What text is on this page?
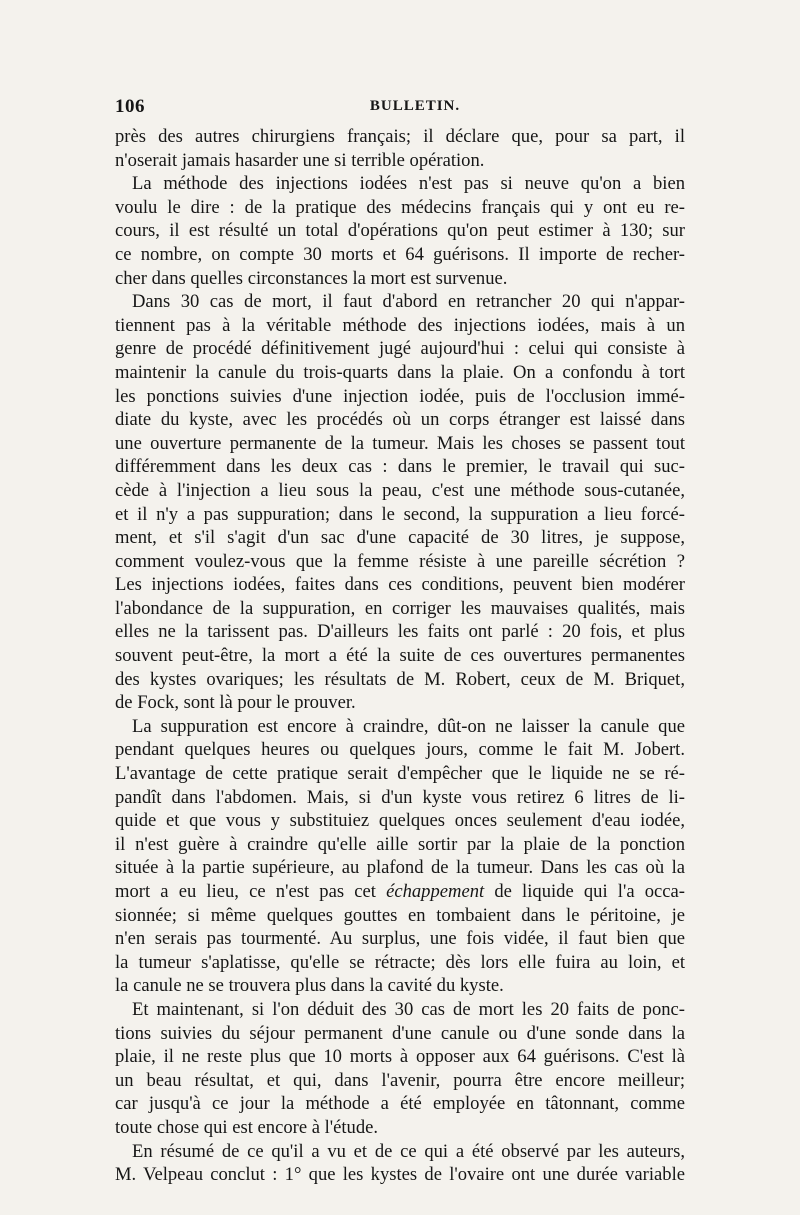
106	BULLETIN.
près des autres chirurgiens français; il déclare que, pour sa part, il
n'oserait jamais hasarder une si terrible opération.
La méthode des injections iodées n'est pas si neuve qu'on a bien
voulu le dire : de la pratique des médecins français qui y ont eu re-
cours, il est résulté un total d'opérations qu'on peut estimer à 130; sur
ce nombre, on compte 30 morts et 64 guérisons. Il importe de recher-
cher dans quelles circonstances la mort est survenue.
Dans 30 cas de mort, il faut d'abord en retrancher 20 qui n'appar-
tiennent pas à la véritable méthode des injections iodées, mais à un
genre de procédé définitivement jugé aujourd'hui : celui qui consiste à
maintenir la canule du trois-quarts dans la plaie. On a confondu à tort
les ponctions suivies d'une injection iodée, puis de l'occlusion immé-
diate du kyste, avec les procédés où un corps étranger est laissé dans
une ouverture permanente de la tumeur. Mais les choses se passent tout
différemment dans les deux cas : dans le premier, le travail qui suc-
cède à l'injection a lieu sous la peau, c'est une méthode sous-cutanée,
et il n'y a pas suppuration; dans le second, la suppuration a lieu forcé-
ment, et s'il s'agit d'un sac d'une capacité de 30 litres, je suppose,
comment voulez-vous que la femme résiste à une pareille sécrétion ?
Les injections iodées, faites dans ces conditions, peuvent bien modérer
l'abondance de la suppuration, en corriger les mauvaises qualités, mais
elles ne la tarissent pas. D'ailleurs les faits ont parlé : 20 fois, et plus
souvent peut-être, la mort a été la suite de ces ouvertures permanentes
des kystes ovariques; les résultats de M. Robert, ceux de M. Briquet,
de Fock, sont là pour le prouver.
La suppuration est encore à craindre, dût-on ne laisser la canule que
pendant quelques heures ou quelques jours, comme le fait M. Jobert.
L'avantage de cette pratique serait d'empêcher que le liquide ne se ré-
pandît dans l'abdomen. Mais, si d'un kyste vous retirez 6 litres de li-
quide et que vous y substituiez quelques onces seulement d'eau iodée,
il n'est guère à craindre qu'elle aille sortir par la plaie de la ponction
située à la partie supérieure, au plafond de la tumeur. Dans les cas où la
mort a eu lieu, ce n'est pas cet échappement de liquide qui l'a occa-
sionnée; si même quelques gouttes en tombaient dans le péritoine, je
n'en serais pas tourmenté. Au surplus, une fois vidée, il faut bien que
la tumeur s'aplatisse, qu'elle se rétracte; dès lors elle fuira au loin, et
la canule ne se trouvera plus dans la cavité du kyste.
Et maintenant, si l'on déduit des 30 cas de mort les 20 faits de ponc-
tions suivies du séjour permanent d'une canule ou d'une sonde dans la
plaie, il ne reste plus que 10 morts à opposer aux 64 guérisons. C'est là
un beau résultat, et qui, dans l'avenir, pourra être encore meilleur;
car jusqu'à ce jour la méthode a été employée en tâtonnant, comme
toute chose qui est encore à l'étude.
En résumé de ce qu'il a vu et de ce qui a été observé par les auteurs,
M. Velpeau conclut : 1° que les kystes de l'ovaire ont une durée variable
